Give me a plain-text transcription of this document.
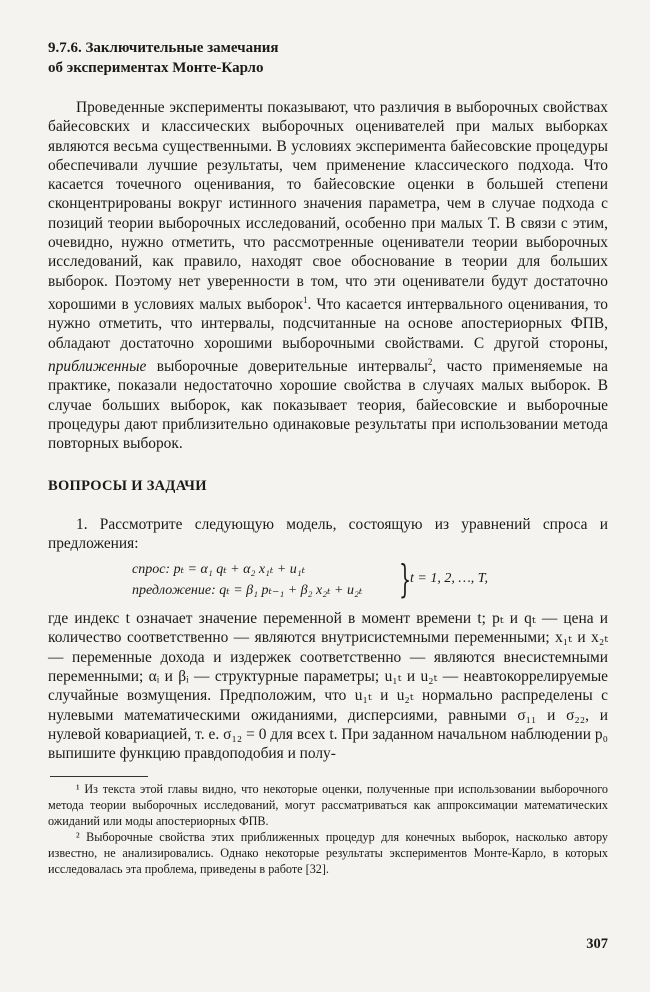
9.7.6. Заключительные замечания
об экспериментах Монте-Карло

Проведенные эксперименты показывают, что различия в выборочных свойствах байесовских и классических выборочных оценивателей при малых выборках являются весьма существенными. В условиях эксперимента байесовские процедуры обеспечивали лучшие результаты, чем применение классического подхода. Что касается точечного оценивания, то байесовские оценки в большей степени сконцентрированы вокруг истинного значения параметра, чем в случае подхода с позиций теории выборочных исследований, особенно при малых T. В связи с этим, очевидно, нужно отметить, что рассмотренные оцениватели теории выборочных исследований, как правило, находят свое обоснование в теории для больших выборок. Поэтому нет уверенности в том, что эти оцениватели будут достаточно хорошими в условиях малых выборок$^1$. Что касается интервального оценивания, то нужно отметить, что интервалы, подсчитанные на основе апостериорных ФПВ, обладают достаточно хорошими выборочными свойствами. С другой стороны, приближенные выборочные доверительные интервалы$^2$, часто применяемые на практике, показали недостаточно хорошие свойства в случаях малых выборок. В случае больших выборок, как показывает теория, байесовские и выборочные процедуры дают приблизительно одинаковые результаты при использовании метода повторных выборок.

ВОПРОСЫ И ЗАДАЧИ

1. Рассмотрите следующую модель, состоящую из уравнений спроса и предложения:

спрос: pₜ = α₁ qₜ + α₂ x₁ₜ + u₁ₜ
предложение: qₜ = β₁ pₜ₋₁ + β₂ x₂ₜ + u₂ₜ }
t = 1, 2, …, T,

где индекс t означает значение переменной в момент времени t; pₜ и qₜ — цена и количество соответственно — являются внутрисистемными переменными; x₁ₜ и x₂ₜ — переменные дохода и издержек соответственно — являются внесистемными переменными; αᵢ и βᵢ — структурные параметры; u₁ₜ и u₂ₜ — неавтокоррелируемые случайные возмущения. Предположим, что u₁ₜ и u₂ₜ нормально распределены с нулевыми математическими ожиданиями, дисперсиями, равными σ₁₁ и σ₂₂, и нулевой ковариацией, т. е. σ₁₂ = 0 для всех t. При заданном начальном наблюдении p₀ выпишите функцию правдоподобия и полу-

¹ Из текста этой главы видно, что некоторые оценки, полученные при использовании выборочного метода теории выборочных исследований, могут рассматриваться как аппроксимации математических ожиданий или моды апостериорных ФПВ.

² Выборочные свойства этих приближенных процедур для конечных выборок, насколько автору известно, не анализировались. Однако некоторые результаты экспериментов Монте-Карло, в которых исследовалась эта проблема, приведены в работе [32].

307
